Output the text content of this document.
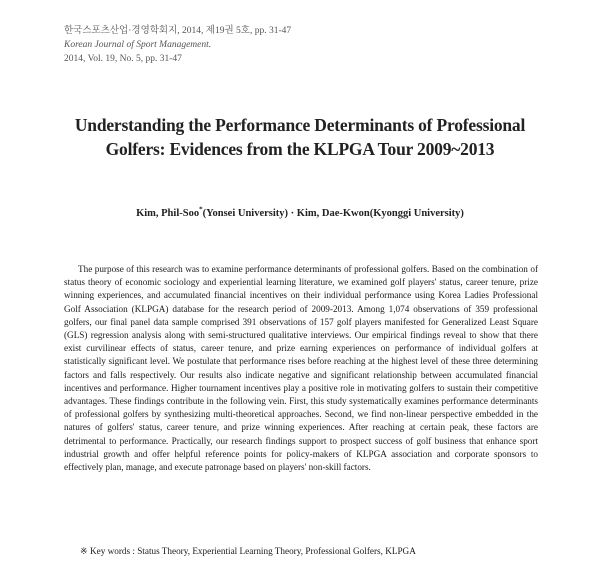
한국스포츠산업·경영학회지, 2014, 제19권 5호, pp. 31-47
Korean Journal of Sport Management.
2014, Vol. 19, No. 5, pp. 31-47
Understanding the Performance Determinants of Professional
Golfers: Evidences from the KLPGA Tour 2009~2013
Kim, Phil-Soo*(Yonsei University) · Kim, Dae-Kwon(Kyonggi University)

The purpose of this research was to examine performance determinants of professional golfers. Based on the combination of status theory of economic sociology and experiential learning literature, we examined golf players' status, career tenure, prize winning experiences, and accumulated financial incentives on their individual performance using Korea Ladies Professional Golf Association (KLPGA) database for the research period of 2009-2013. Among 1,074 observations of 359 professional golfers, our final panel data sample comprised 391 observations of 157 golf players manifested for Generalized Least Square (GLS) regression analysis along with semi-structured qualitative interviews. Our empirical findings reveal to show that there exist curvilinear effects of status, career tenure, and prize earning experiences on performance of individual golfers at statistically significant level. We postulate that performance rises before reaching at the highest level of these three determining factors and falls respectively. Our results also indicate negative and significant relationship between accumulated financial incentives and performance. Higher tournament incentives play a positive role in motivating golfers to sustain their competitive advantages. These findings contribute in the following vein. First, this study systematically examines performance determinants of professional golfers by synthesizing multi-theoretical approaches. Second, we find non-linear perspective embedded in the natures of golfers' status, career tenure, and prize winning experiences. After reaching at certain peak, these factors are detrimental to performance. Practically, our research findings support to prospect success of golf business that enhance sport industrial growth and offer helpful reference points for policy-makers of KLPGA association and corporate sponsors to effectively plan, manage, and execute patronage based on players' non-skill factors.

※ Key words : Status Theory, Experiential Learning Theory, Professional Golfers, KLPGA
